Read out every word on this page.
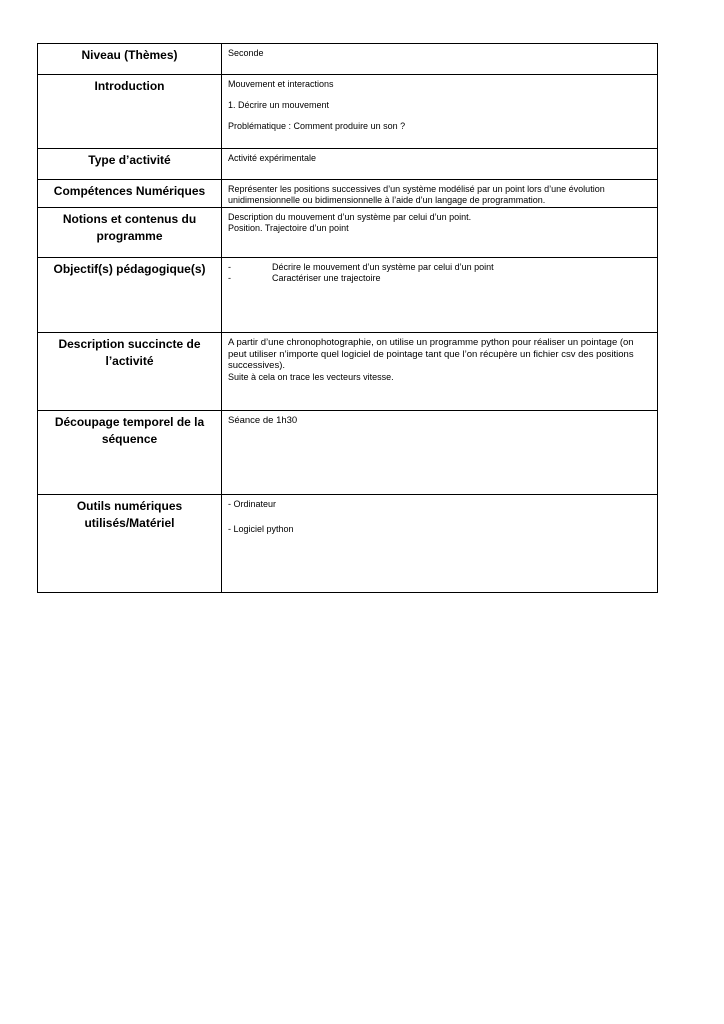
Niveau (Thèmes)	Seconde

Introduction	Mouvement et interactions

1. Décrire un mouvement

Problématique : Comment produire un son ?

Type d’activité	Activité expérimentale

Compétences Numériques	Représenter les positions successives d’un système modélisé par un point lors d’une évolution unidimensionnelle ou bidimensionnelle à l’aide d’un langage de programmation.

Notions et contenus du programme	Description du mouvement d’un système par celui d’un point.

Position. Trajectoire d’un point

Objectif(s) pédagogique(s)	- Décrire le mouvement d’un système par celui d’un point
- Caractériser une trajectoire

Description succincte de l’activité	A partir d’une chronophotographie, on utilise un programme python pour réaliser un pointage (on peut utiliser n’importe quel logiciel de pointage tant que l’on récupère un fichier csv des positions successives).

Suite à cela on trace les vecteurs vitesse.

Découpage temporel de la séquence	Séance de 1h30

Outils numériques utilisés/Matériel	- Ordinateur

- Logiciel python
